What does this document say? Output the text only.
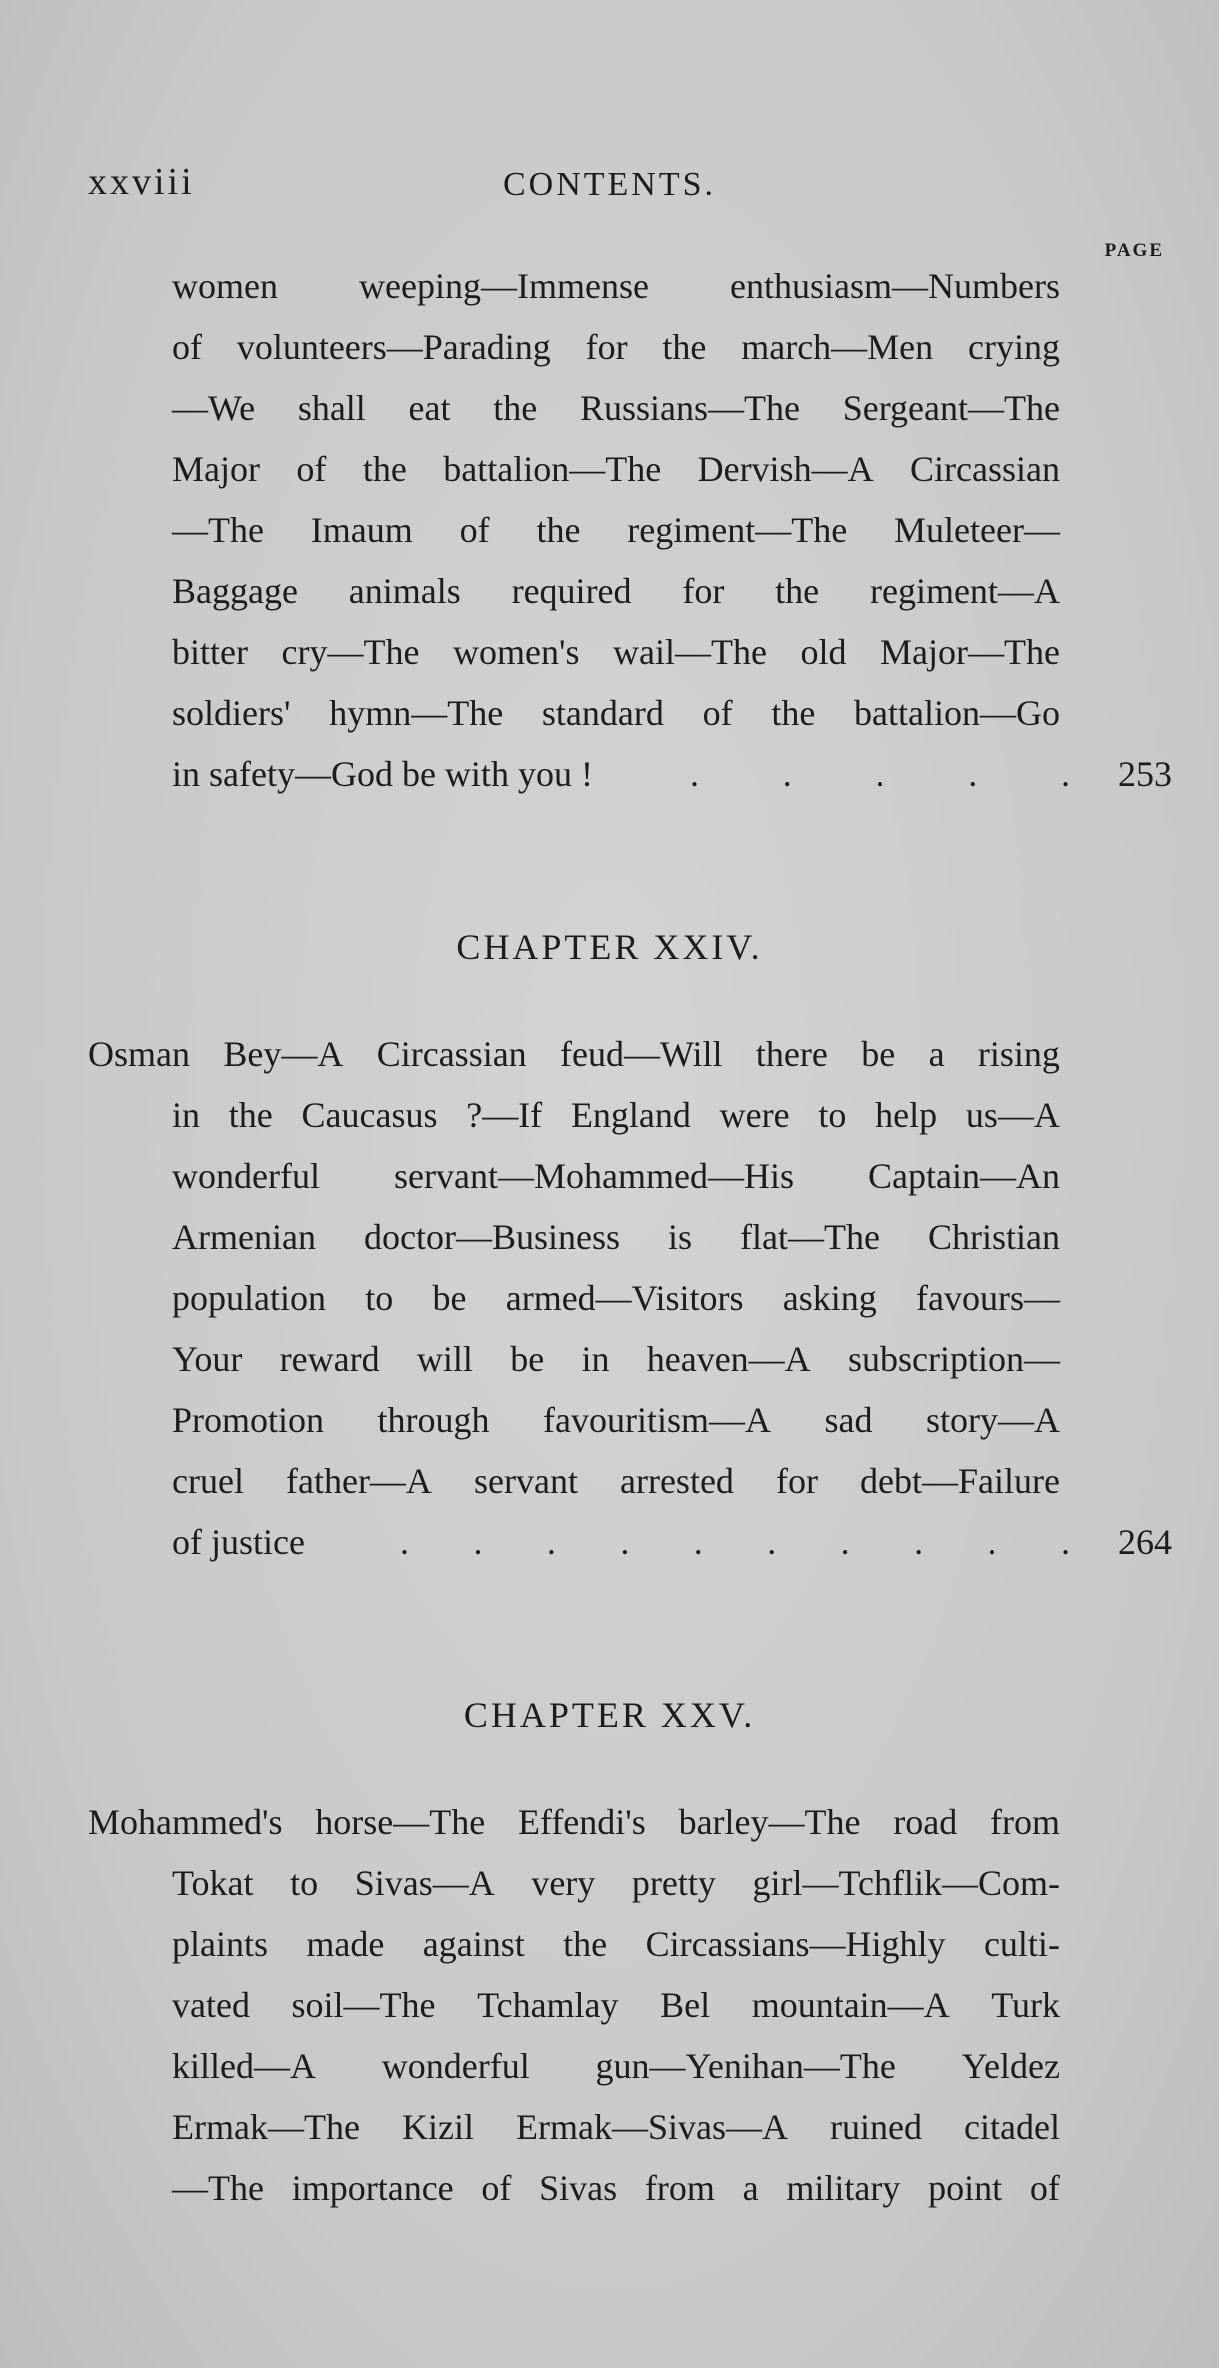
xxviii	CONTENTS.
PAGE
women weeping—Immense enthusiasm—Numbers
of volunteers—Parading for the march—Men crying
—We shall eat the Russians—The Sergeant—The
Major of the battalion—The Dervish—A Circassian
—The Imaum of the regiment—The Muleteer—
Baggage animals required for the regiment—A
bitter cry—The women's wail—The old Major—The
soldiers' hymn—The standard of the battalion—Go
in safety—God be with you !	. . . . . 253
CHAPTER XXIV.
Osman Bey—A Circassian feud—Will there be a rising
in the Caucasus ?—If England were to help us—A
wonderful servant—Mohammed—His Captain—An
Armenian doctor—Business is flat—The Christian
population to be armed—Visitors asking favours—
Your reward will be in heaven—A subscription—
Promotion through favouritism—A sad story—A
cruel father—A servant arrested for debt—Failure
of justice	. . . . . . . . . . 264
CHAPTER XXV.
Mohammed's horse—The Effendi's barley—The road from
Tokat to Sivas—A very pretty girl—Tchflik—Com-
plaints made against the Circassians—Highly culti-
vated soil—The Tchamlay Bel mountain—A Turk
killed—A wonderful gun—Yenihan—The Yeldez
Ermak—The Kizil Ermak—Sivas—A ruined citadel
—The importance of Sivas from a military point of
